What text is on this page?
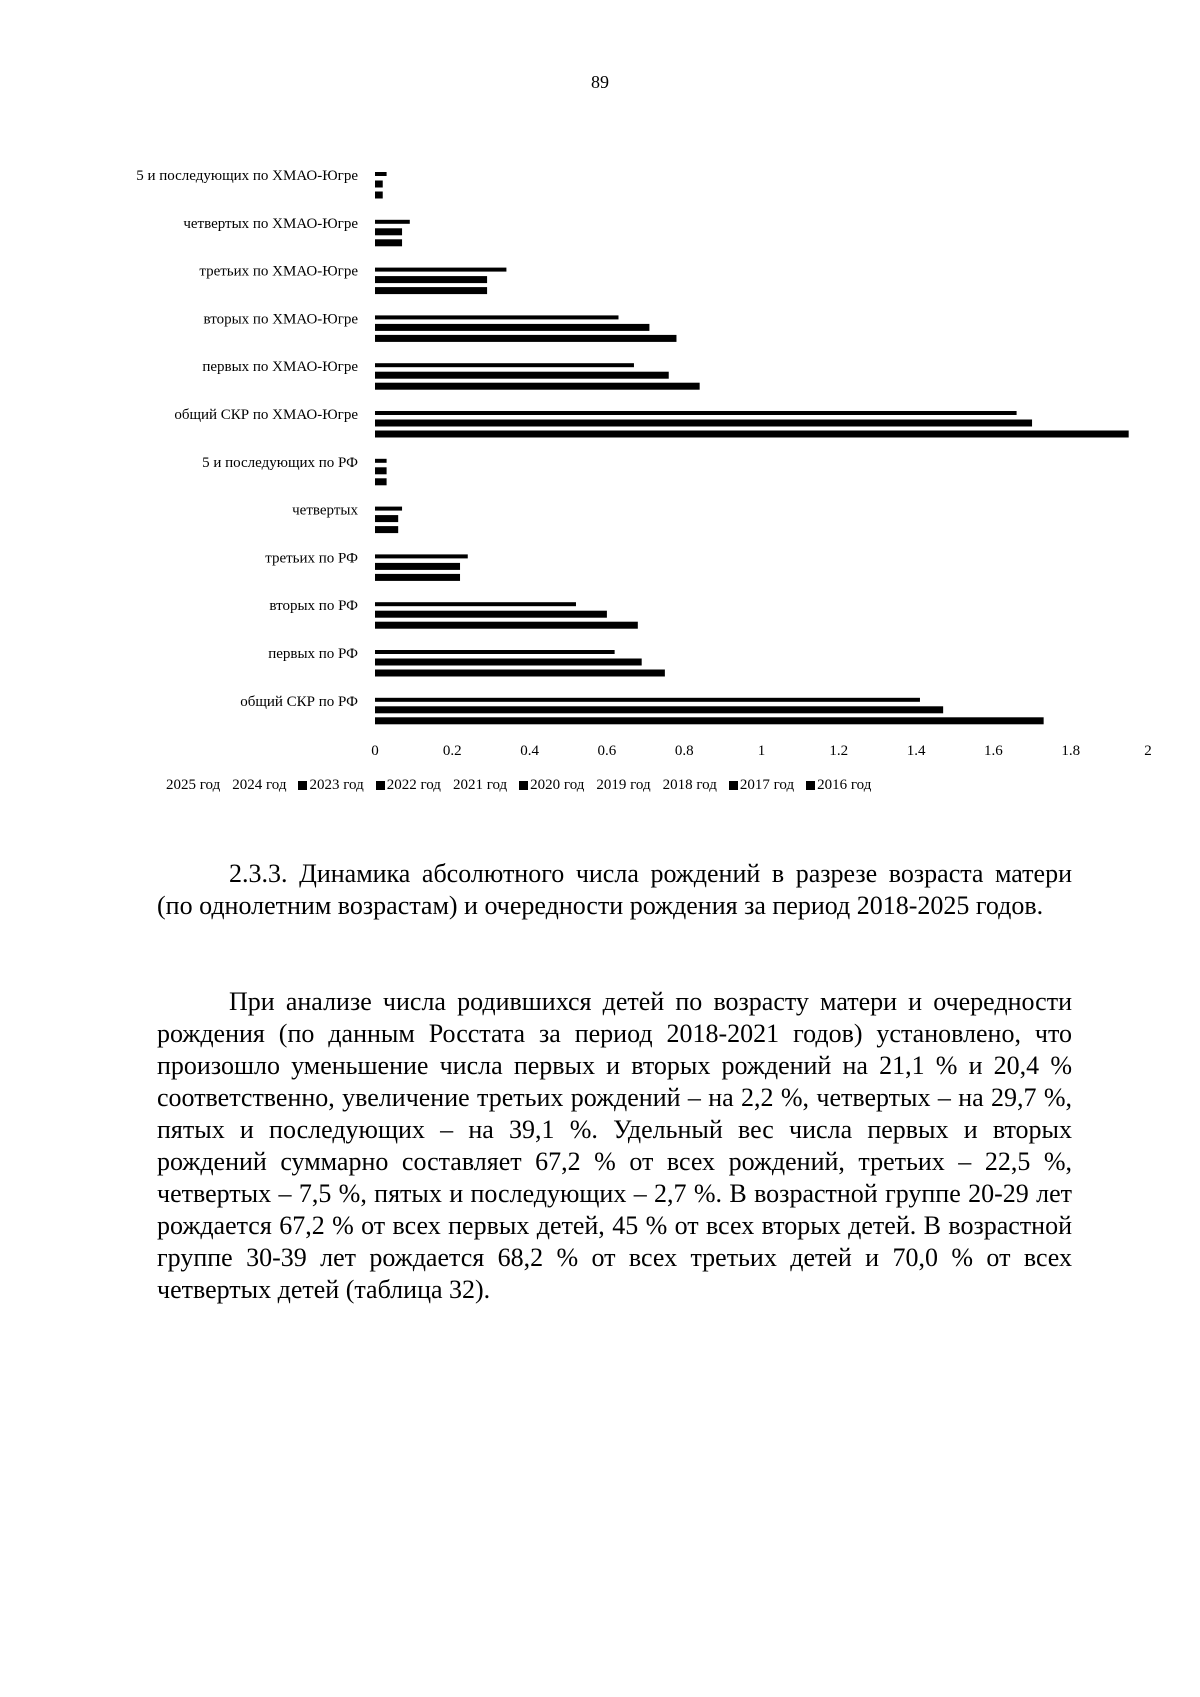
89
5 и последующих по ХМАО-Югре
четвертых по ХМАО-Югре
третьих по ХМАО-Югре
вторых по ХМАО-Югре
первых по ХМАО-Югре
общий СКР по ХМАО-Югре
5 и последующих по РФ
четвертых
третьих по РФ
вторых по РФ
первых по РФ
общий СКР по РФ
0	0.2	0.4	0.6	0.8	1	1.2	1.4	1.6	1.8	2
2025 год 2024 год 2023 год 2022 год 2021 год 2020 год 2019 год 2018 год 2017 год 2016 год
2.3.3. Динамика абсолютного числа рождений в разрезе возраста матери (по однолетним возрастам) и очередности рождения за период 2018-2025 годов.
При анализе числа родившихся детей по возрасту матери и очередности рождения (по данным Росстата за период 2018-2021 годов) установлено, что произошло уменьшение числа первых и вторых рождений на 21,1 % и 20,4 % соответственно, увеличение третьих рождений – на 2,2 %, четвертых – на 29,7 %, пятых и последующих – на 39,1 %. Удельный вес числа первых и вторых рождений суммарно составляет 67,2 % от всех рождений, третьих – 22,5 %, четвертых – 7,5 %, пятых и последующих – 2,7 %. В возрастной группе 20-29 лет рождается 67,2 % от всех первых детей, 45 % от всех вторых детей. В возрастной группе 30-39 лет рождается 68,2 % от всех третьих детей и 70,0 % от всех четвертых детей (таблица 32).
